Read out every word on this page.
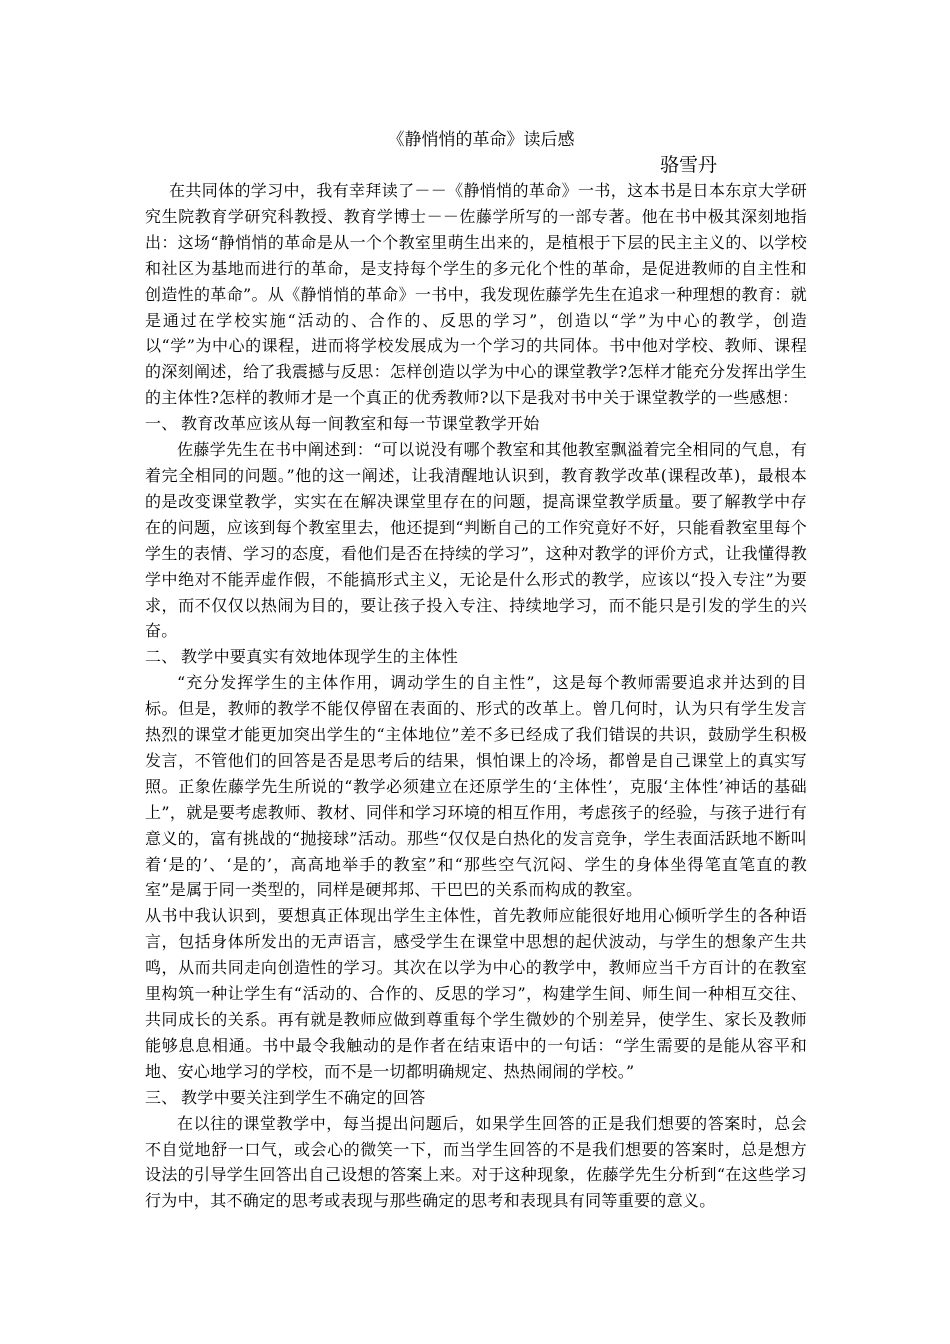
《静悄悄的革命》读后感

骆雪丹

在共同体的学习中，我有幸拜读了－－《静悄悄的革命》一书，这本书是日本东京大学研究生院教育学研究科教授、教育学博士－－佐藤学所写的一部专著。他在书中极其深刻地指出：这场“静悄悄的革命是从一个个教室里萌生出来的，是植根于下层的民主主义的、以学校和社区为基地而进行的革命，是支持每个学生的多元化个性的革命，是促进教师的自主性和创造性的革命”。从《静悄悄的革命》一书中，我发现佐藤学先生在追求一种理想的教育：就是通过在学校实施“活动的、合作的、反思的学习”，创造以“学”为中心的教学，创造以“学”为中心的课程，进而将学校发展成为一个学习的共同体。书中他对学校、教师、课程的深刻阐述，给了我震撼与反思：怎样创造以学为中心的课堂教学?怎样才能充分发挥出学生的主体性?怎样的教师才是一个真正的优秀教师?以下是我对书中关于课堂教学的一些感想：

一、 教育改革应该从每一间教室和每一节课堂教学开始

佐藤学先生在书中阐述到：“可以说没有哪个教室和其他教室飘溢着完全相同的气息，有着完全相同的问题。”他的这一阐述，让我清醒地认识到，教育教学改革(课程改革)，最根本的是改变课堂教学，实实在在解决课堂里存在的问题，提高课堂教学质量。要了解教学中存在的问题，应该到每个教室里去，他还提到“判断自己的工作究竟好不好，只能看教室里每个学生的表情、学习的态度，看他们是否在持续的学习”，这种对教学的评价方式，让我懂得教学中绝对不能弄虚作假，不能搞形式主义，无论是什么形式的教学，应该以“投入专注”为要求，而不仅仅以热闹为目的，要让孩子投入专注、持续地学习，而不能只是引发的学生的兴奋。

二、 教学中要真实有效地体现学生的主体性

“充分发挥学生的主体作用，调动学生的自主性”，这是每个教师需要追求并达到的目标。但是，教师的教学不能仅停留在表面的、形式的改革上。曾几何时，认为只有学生发言热烈的课堂才能更加突出学生的“主体地位”差不多已经成了我们错误的共识，鼓励学生积极发言，不管他们的回答是否是思考后的结果，惧怕课上的冷场，都曾是自己课堂上的真实写照。正象佐藤学先生所说的“教学必须建立在还原学生的‘主体性’，克服‘主体性’神话的基础上”，就是要考虑教师、教材、同伴和学习环境的相互作用，考虑孩子的经验，与孩子进行有意义的，富有挑战的“抛接球”活动。那些“仅仅是白热化的发言竞争，学生表面活跃地不断叫着‘是的’、‘是的’，高高地举手的教室”和“那些空气沉闷、学生的身体坐得笔直笔直的教室”是属于同一类型的，同样是硬邦邦、干巴巴的关系而构成的教室。

从书中我认识到，要想真正体现出学生主体性，首先教师应能很好地用心倾听学生的各种语言，包括身体所发出的无声语言，感受学生在课堂中思想的起伏波动，与学生的想象产生共鸣，从而共同走向创造性的学习。其次在以学为中心的教学中，教师应当千方百计的在教室里构筑一种让学生有“活动的、合作的、反思的学习”，构建学生间、师生间一种相互交往、共同成长的关系。再有就是教师应做到尊重每个学生微妙的个别差异，使学生、家长及教师能够息息相通。书中最令我触动的是作者在结束语中的一句话：“学生需要的是能从容平和地、安心地学习的学校，而不是一切都明确规定、热热闹闹的学校。”

三、 教学中要关注到学生不确定的回答

在以往的课堂教学中，每当提出问题后，如果学生回答的正是我们想要的答案时，总会不自觉地舒一口气，或会心的微笑一下，而当学生回答的不是我们想要的答案时，总是想方设法的引导学生回答出自己设想的答案上来。对于这种现象，佐藤学先生分析到“在这些学习行为中，其不确定的思考或表现与那些确定的思考和表现具有同等重要的意义。
